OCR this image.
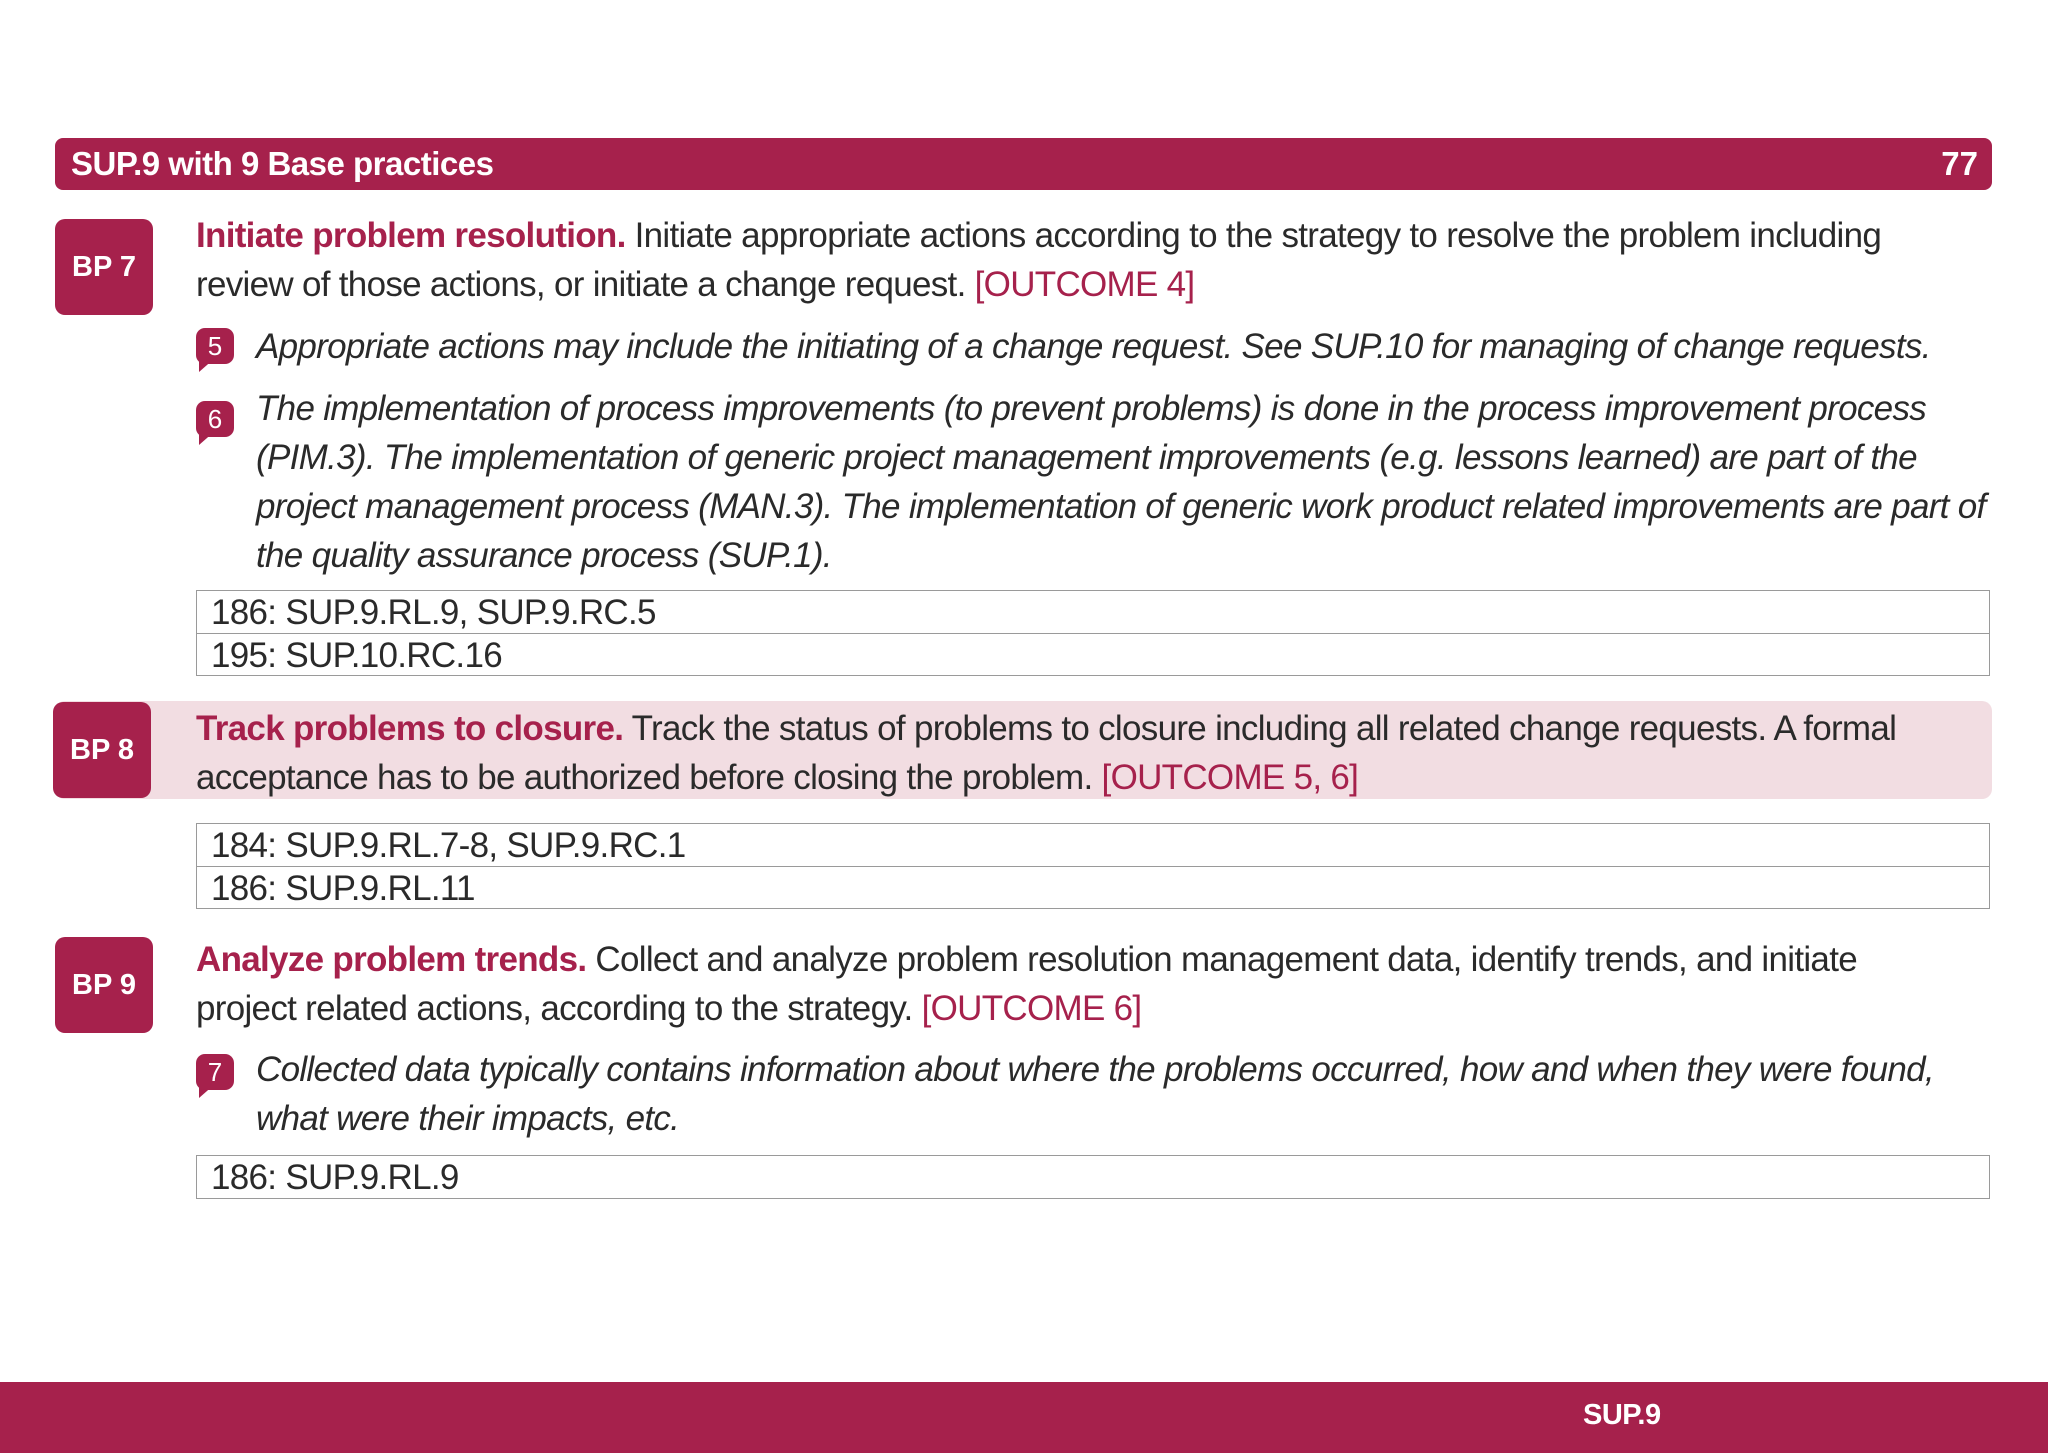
SUP.9 with 9 Base practices	77
BP 7
Initiate problem resolution. Initiate appropriate actions according to the strategy to resolve the problem including review of those actions, or initiate a change request. [OUTCOME 4]
5 Appropriate actions may include the initiating of a change request. See SUP.10 for managing of change requests.
6 The implementation of process improvements (to prevent problems) is done in the process improvement process (PIM.3). The implementation of generic project management improvements (e.g. lessons learned) are part of the project management process (MAN.3). The implementation of generic work product related improvements are part of the quality assurance process (SUP.1).
186: SUP.9.RL.9, SUP.9.RC.5
195: SUP.10.RC.16
BP 8
Track problems to closure. Track the status of problems to closure including all related change requests. A formal acceptance has to be authorized before closing the problem. [OUTCOME 5, 6]
184: SUP.9.RL.7-8, SUP.9.RC.1
186: SUP.9.RL.11
BP 9
Analyze problem trends. Collect and analyze problem resolution management data, identify trends, and initiate project related actions, according to the strategy. [OUTCOME 6]
7 Collected data typically contains information about where the problems occurred, how and when they were found, what were their impacts, etc.
186: SUP.9.RL.9
SUP.9
